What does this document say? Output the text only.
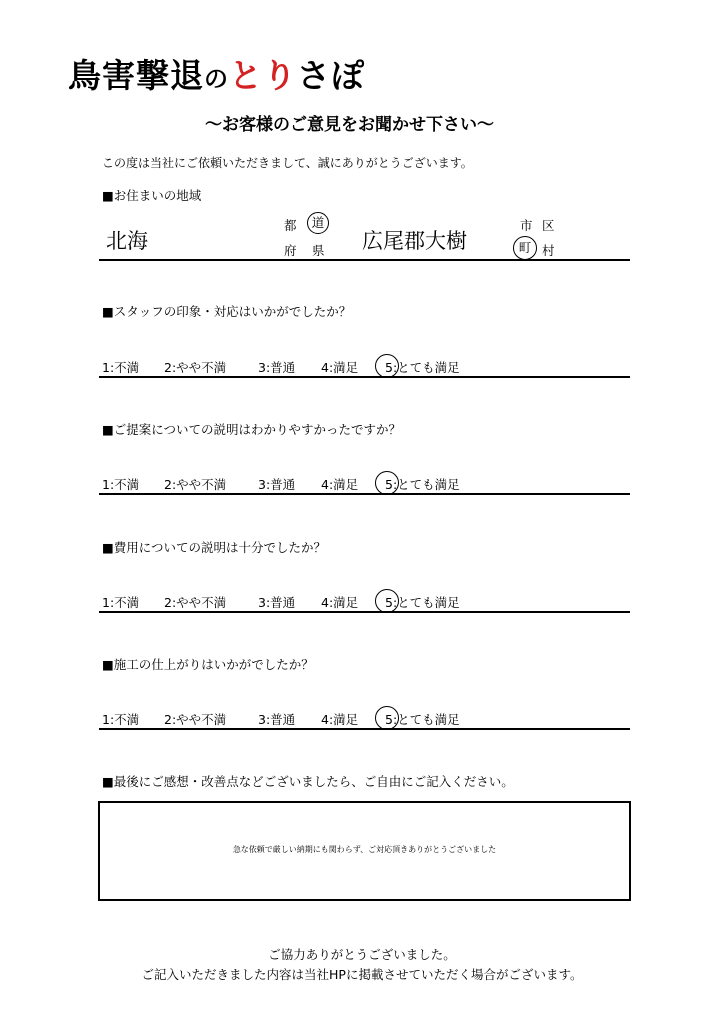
鳥害撃退のとりさぽ
～お客様のご意見をお聞かせ下さい～
この度は当社にご依頼いただきまして、誠にありがとうございます。
■お住まいの地域
北海
都	道
府 県 広尾郡大樹
市 区
町 村
■スタッフの印象・対応はいかがでしたか？
1:不満 2:やや不満	3:普通 4:満足 5:とても満足
■ご提案についての説明はわかりやすかったですか？
1:不満 2:やや不満	3:普通 4:満足 5:とても満足
■費用についての説明は十分でしたか？
1:不満 2:やや不満	3:普通 4:満足 5:とても満足
■施工の仕上がりはいかがでしたか？
1:不満 2:やや不満	3:普通 4:満足 5:とても満足
■最後にご感想・改善点などございましたら、ご自由にご記入ください。
急な依頼で厳しい納期にも関わらず、ご対応頂きありがとうございました
ご協力ありがとうございました。
ご記入いただきました内容は当社HPに掲載させていただく場合がございます。
